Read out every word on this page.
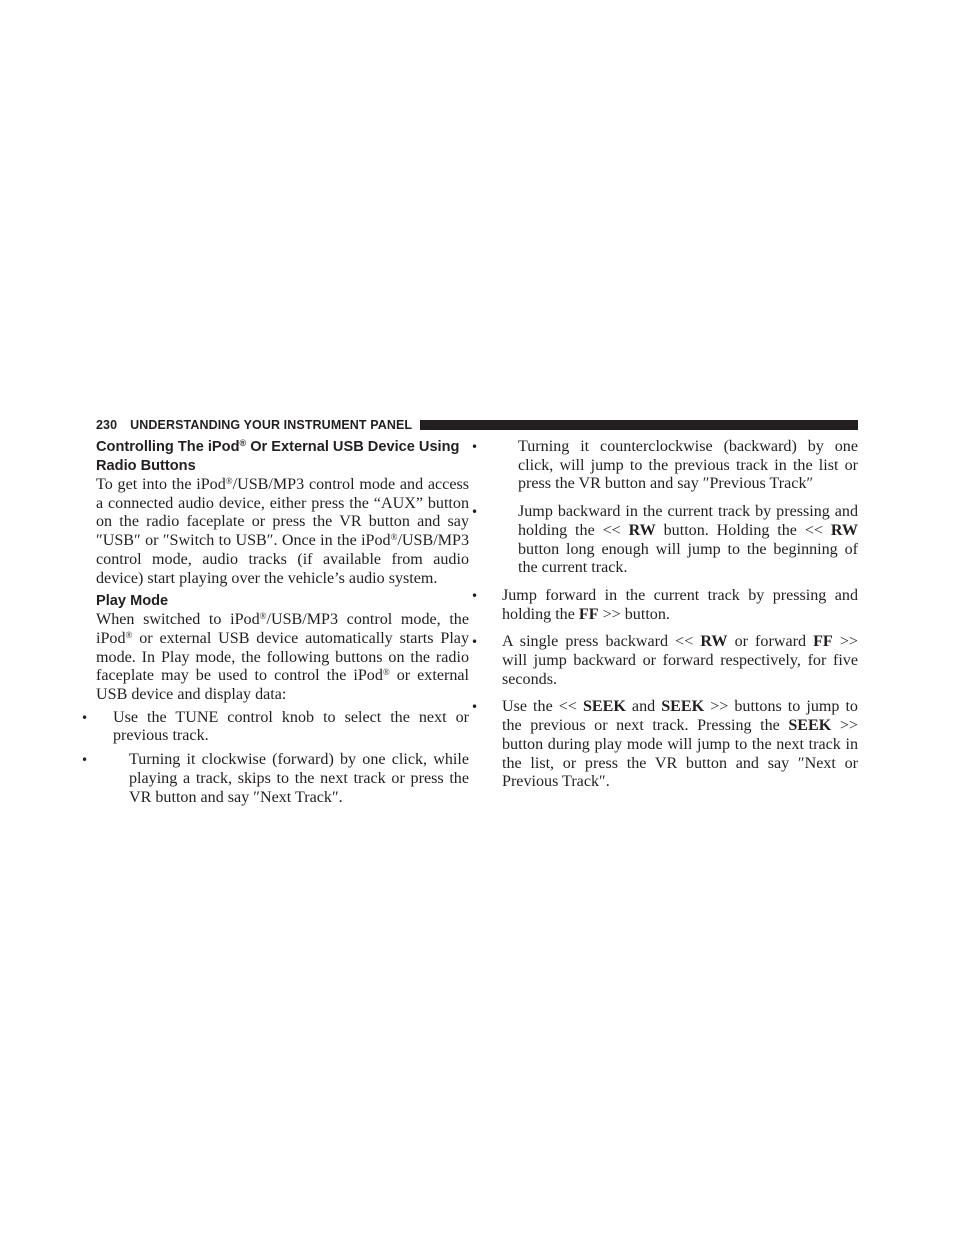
230 UNDERSTANDING YOUR INSTRUMENT PANEL
Controlling The iPod® Or External USB Device Using Radio Buttons

To get into the iPod®/USB/MP3 control mode and access a connected audio device, either press the “AUX” button on the radio faceplate or press the VR button and say ″USB″ or ″Switch to USB″. Once in the iPod®/USB/MP3 control mode, audio tracks (if available from audio device) start playing over the vehicle’s audio system.

Play Mode

When switched to iPod®/USB/MP3 control mode, the iPod® or external USB device automatically starts Play mode. In Play mode, the following buttons on the radio faceplate may be used to control the iPod® or external USB device and display data:

• Use the TUNE control knob to select the next or previous track.
• Turning it clockwise (forward) by one click, while playing a track, skips to the next track or press the VR button and say ″Next Track″.
• Turning it counterclockwise (backward) by one click, will jump to the previous track in the list or press the VR button and say ″Previous Track″
• Jump backward in the current track by pressing and holding the << RW button. Holding the << RW button long enough will jump to the beginning of the current track.
• Jump forward in the current track by pressing and holding the FF >> button.
• A single press backward << RW or forward FF >> will jump backward or forward respectively, for five seconds.
• Use the << SEEK and SEEK >> buttons to jump to the previous or next track. Pressing the SEEK >> button during play mode will jump to the next track in the list, or press the VR button and say ″Next or Previous Track″.
